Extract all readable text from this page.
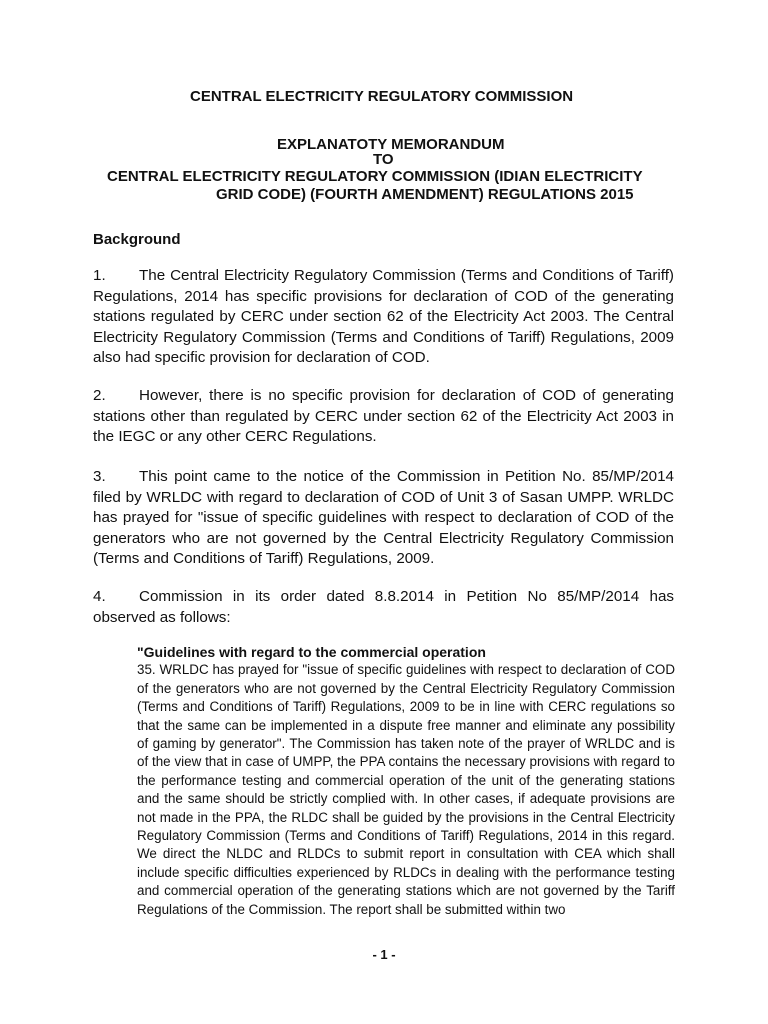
CENTRAL ELECTRICITY REGULATORY COMMISSION
EXPLANATOTY MEMORANDUM
TO
CENTRAL ELECTRICITY REGULATORY COMMISSION (IDIAN ELECTRICITY
GRID CODE) (FOURTH AMENDMENT) REGULATIONS 2015
Background
1. The Central Electricity Regulatory Commission (Terms and Conditions of Tariff) Regulations, 2014 has specific provisions for declaration of COD of the generating stations regulated by CERC under section 62 of the Electricity Act 2003. The Central Electricity Regulatory Commission (Terms and Conditions of Tariff) Regulations, 2009 also had specific provision for declaration of COD.
2. However, there is no specific provision for declaration of COD of generating stations other than regulated by CERC under section 62 of the Electricity Act 2003 in the IEGC or any other CERC Regulations.
3. This point came to the notice of the Commission in Petition No. 85/MP/2014 filed by WRLDC with regard to declaration of COD of Unit 3 of Sasan UMPP. WRLDC has prayed for "issue of specific guidelines with respect to declaration of COD of the generators who are not governed by the Central Electricity Regulatory Commission (Terms and Conditions of Tariff) Regulations, 2009.
4. Commission in its order dated 8.8.2014 in Petition No 85/MP/2014 has observed as follows:
"Guidelines with regard to the commercial operation
35. WRLDC has prayed for "issue of specific guidelines with respect to declaration of COD of the generators who are not governed by the Central Electricity Regulatory Commission (Terms and Conditions of Tariff) Regulations, 2009 to be in line with CERC regulations so that the same can be implemented in a dispute free manner and eliminate any possibility of gaming by generator". The Commission has taken note of the prayer of WRLDC and is of the view that in case of UMPP, the PPA contains the necessary provisions with regard to the performance testing and commercial operation of the unit of the generating stations and the same should be strictly complied with. In other cases, if adequate provisions are not made in the PPA, the RLDC shall be guided by the provisions in the Central Electricity Regulatory Commission (Terms and Conditions of Tariff) Regulations, 2014 in this regard. We direct the NLDC and RLDCs to submit report in consultation with CEA which shall include specific difficulties experienced by RLDCs in dealing with the performance testing and commercial operation of the generating stations which are not governed by the Tariff Regulations of the Commission. The report shall be submitted within two
- 1 -
